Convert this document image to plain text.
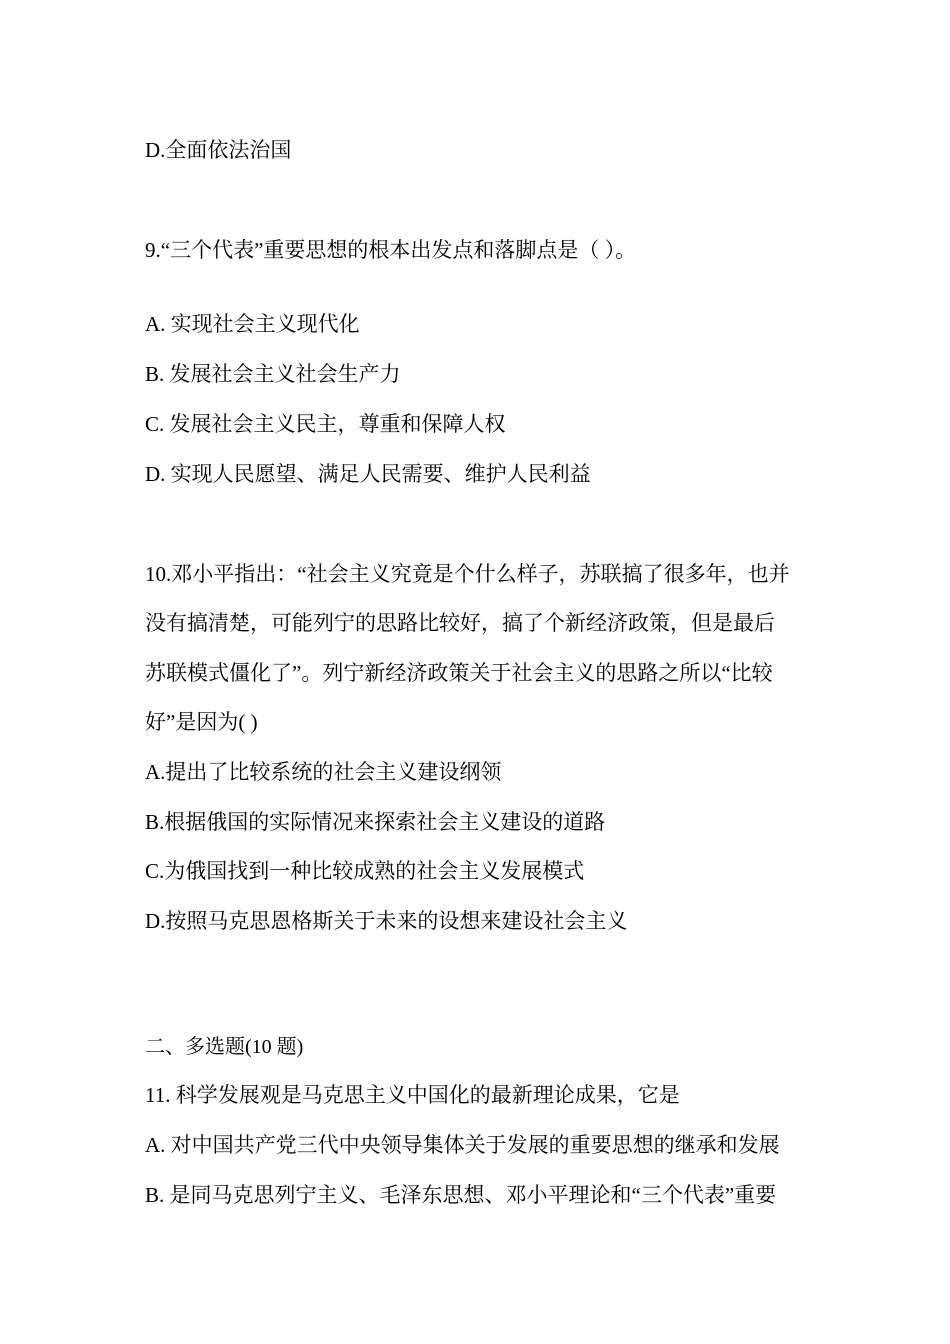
D.全面依法治国
9.“三个代表”重要思想的根本出发点和落脚点是（ ）。
A. 实现社会主义现代化
B. 发展社会主义社会生产力
C. 发展社会主义民主，尊重和保障人权
D. 实现人民愿望、满足人民需要、维护人民利益
10.邓小平指出：“社会主义究竟是个什么样子，苏联搞了很多年，也并
没有搞清楚，可能列宁的思路比较好，搞了个新经济政策，但是最后
苏联模式僵化了”。列宁新经济政策关于社会主义的思路之所以“比较
好”是因为( )
A.提出了比较系统的社会主义建设纲领
B.根据俄国的实际情况来探索社会主义建设的道路
C.为俄国找到一种比较成熟的社会主义发展模式
D.按照马克思恩格斯关于未来的设想来建设社会主义
二、多选题(10 题)
11. 科学发展观是马克思主义中国化的最新理论成果，它是
A. 对中国共产党三代中央领导集体关于发展的重要思想的继承和发展
B. 是同马克思列宁主义、毛泽东思想、邓小平理论和“三个代表”重要
